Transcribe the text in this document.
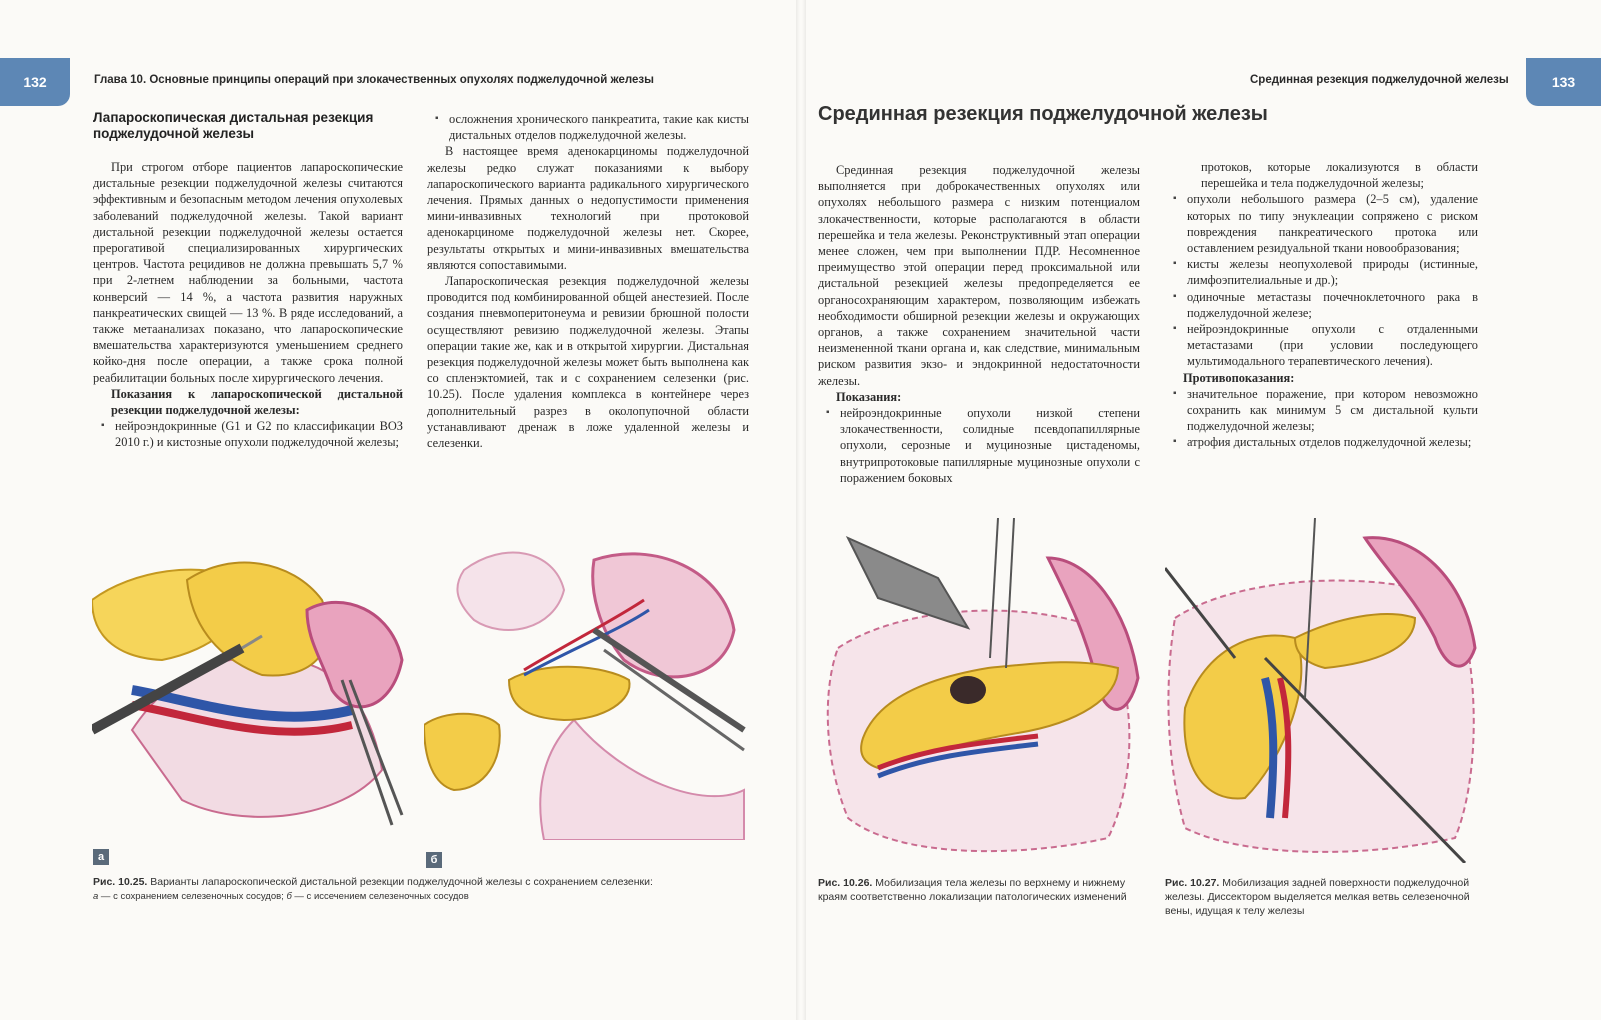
132	Глава 10. Основные принципы операций при злокачественных опухолях поджелудочной железы
Лапароскопическая дистальная резекция поджелудочной железы

При строгом отборе пациентов лапароскопические дистальные резекции поджелудочной железы считаются эффективным и безопасным методом лечения опухолевых заболеваний поджелудочной железы. Такой вариант дистальной резекции поджелудочной железы остается прерогативой специализированных хирургических центров. Частота рецидивов не должна превышать 5,7 % при 2-летнем наблюдении за больными, частота конверсий — 14 %, а частота развития наружных панкреатических свищей — 13 %. В ряде исследований, а также метаанализах показано, что лапароскопические вмешательства характеризуются уменьшением среднего койко-дня после операции, а также срока полной реабилитации больных после хирургического лечения.

Показания к лапароскопической дистальной резекции поджелудочной железы:

▪ нейроэндокринные (G1 и G2 по классификации ВОЗ 2010 г.) и кистозные опухоли поджелудочной железы;
▪ осложнения хронического панкреатита, такие как кисты дистальных отделов поджелудочной железы.

В настоящее время аденокарциномы поджелудочной железы редко служат показаниями к выбору лапароскопического варианта радикального хирургического лечения. Прямых данных о недопустимости применения мини-инвазивных технологий при протоковой аденокарциноме поджелудочной железы нет. Скорее, результаты открытых и мини-инвазивных вмешательства являются сопоставимыми.

Лапароскопическая резекция поджелудочной железы проводится под комбинированной общей анестезией. После создания пневмоперитонеума и ревизии брюшной полости осуществляют ревизию поджелудочной железы. Этапы операции такие же, как и в открытой хирургии. Дистальная резекция поджелудочной железы может быть выполнена как со спленэктомией, так и с сохранением селезенки (рис. 10.25). После удаления комплекса в контейнере через дополнительный разрез в околопупочной области устанавливают дренаж в ложе удаленной железы и селезенки.

а	б
Рис. 10.25. Варианты лапароскопической дистальной резекции поджелудочной железы с сохранением селезенки:
а — с сохранением селезеночных сосудов; б — с иссечением селезеночных сосудов
Срединная резекция поджелудочной железы	133
Срединная резекция поджелудочной железы

Срединная резекция поджелудочной железы выполняется при доброкачественных опухолях или опухолях небольшого размера с низким потенциалом злокачественности, которые располагаются в области перешейка и тела железы. Реконструктивный этап операции менее сложен, чем при выполнении ПДР. Несомненное преимущество этой операции перед проксимальной или дистальной резекцией железы предопределяется ее органосохраняющим характером, позволяющим избежать необходимости обширной резекции железы и окружающих органов, а также сохранением значительной части неизмененной ткани органа и, как следствие, минимальным риском развития экзо- и эндокринной недостаточности железы.

Показания:

▪ нейроэндокринные опухоли низкой степени злокачественности, солидные псевдопапиллярные опухоли, серозные и муцинозные цистаденомы, внутрипротоковые папиллярные муцинозные опухоли с поражением боковых

протоков, которые локализуются в области перешейка и тела поджелудочной железы;

▪ опухоли небольшого размера (2–5 см), удаление которых по типу энуклеации сопряжено с риском повреждения панкреатического протока или оставлением резидуальной ткани новообразования;
▪ кисты железы неопухолевой природы (истинные, лимфоэпителиальные и др.);
▪ одиночные метастазы почечноклеточного рака в поджелудочной железе;
▪ нейроэндокринные опухоли с отдаленными метастазами (при условии последующего мультимодального терапевтического лечения).

Противопоказания:

▪ значительное поражение, при котором невозможно сохранить как минимум 5 см дистальной культи поджелудочной железы;
▪ атрофия дистальных отделов поджелудочной железы;
Рис. 10.26. Мобилизация тела железы по верхнему и нижнему краям соответственно локализации патологических изменений
Рис. 10.27. Мобилизация задней поверхности поджелудочной железы. Диссектором выделяется мелкая ветвь селезеночной вены, идущая к телу железы
